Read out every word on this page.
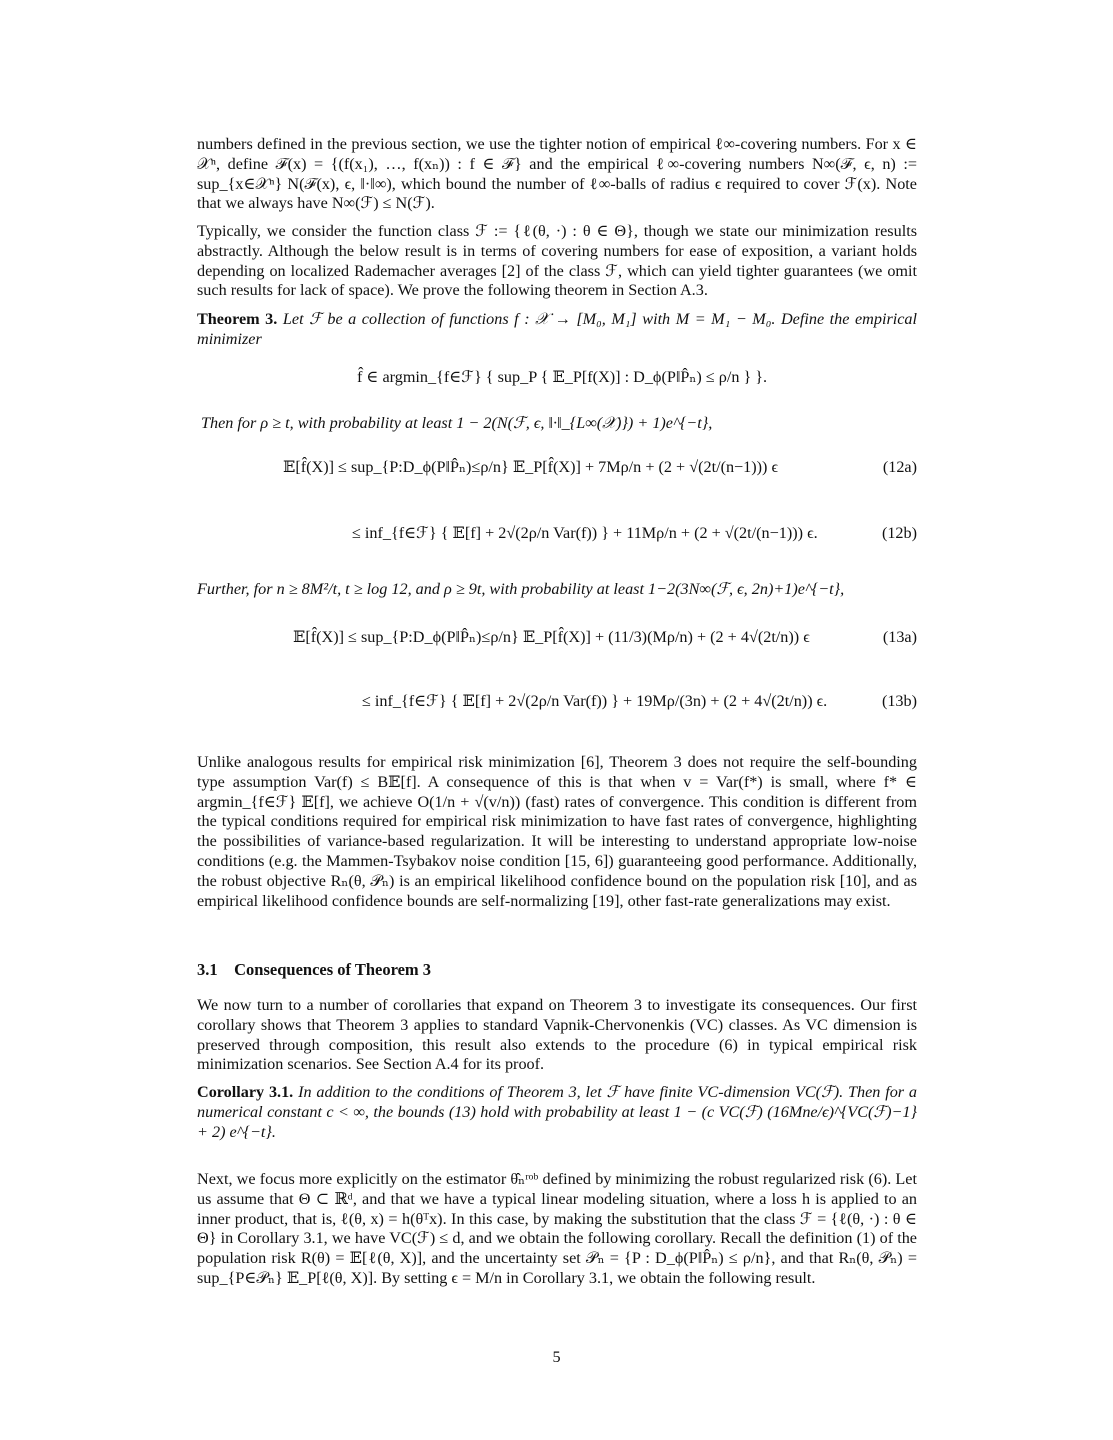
numbers defined in the previous section, we use the tighter notion of empirical ℓ∞-covering numbers. For x ∈ 𝒳ⁿ, define ℱ(x) = {(f(x₁), …, f(xₙ)) : f ∈ ℱ} and the empirical ℓ∞-covering numbers N∞(ℱ, ϵ, n) := sup_{x∈𝒳ⁿ} N(ℱ(x), ϵ, ‖·‖∞), which bound the number of ℓ∞-balls of radius ϵ required to cover ℱ(x). Note that we always have N∞(ℱ) ≤ N(ℱ).
Typically, we consider the function class ℱ := {ℓ(θ, ·) : θ ∈ Θ}, though we state our minimization results abstractly. Although the below result is in terms of covering numbers for ease of exposition, a variant holds depending on localized Rademacher averages [2] of the class ℱ, which can yield tighter guarantees (we omit such results for lack of space). We prove the following theorem in Section A.3.
Theorem 3. Let ℱ be a collection of functions f : 𝒳 → [M₀, M₁] with M = M₁ − M₀. Define the empirical minimizer
f̂ ∈ argmin_{f∈ℱ} { sup_P { 𝔼_P[f(X)] : D_ϕ(P‖P̂ₙ) ≤ ρ/n } }.
Then for ρ ≥ t, with probability at least 1 − 2(N(ℱ, ϵ, ‖·‖_{L∞(𝒳)}) + 1)e^{−t},
𝔼[f̂(X)] ≤ sup_{P:D_ϕ(P‖P̂ₙ)≤ρ/n} 𝔼_P[f̂(X)] + 7Mρ/n + (2 + √(2t/(n−1))) ϵ	(12a)
≤ inf_{f∈ℱ} { 𝔼[f] + 2√(2ρ/n Var(f)) } + 11Mρ/n + (2 + √(2t/(n−1))) ϵ.	(12b)
Further, for n ≥ 8M²/t, t ≥ log 12, and ρ ≥ 9t, with probability at least 1−2(3N∞(ℱ, ϵ, 2n)+1)e^{−t},
𝔼[f̂(X)] ≤ sup_{P:D_ϕ(P‖P̂ₙ)≤ρ/n} 𝔼_P[f̂(X)] + (11/3)(Mρ/n) + (2 + 4√(2t/n)) ϵ	(13a)
≤ inf_{f∈ℱ} { 𝔼[f] + 2√(2ρ/n Var(f)) } + 19Mρ/(3n) + (2 + 4√(2t/n)) ϵ.	(13b)
Unlike analogous results for empirical risk minimization [6], Theorem 3 does not require the self-bounding type assumption Var(f) ≤ B𝔼[f]. A consequence of this is that when v = Var(f*) is small, where f* ∈ argmin_{f∈ℱ} 𝔼[f], we achieve O(1/n + √(v/n)) (fast) rates of convergence. This condition is different from the typical conditions required for empirical risk minimization to have fast rates of convergence, highlighting the possibilities of variance-based regularization. It will be interesting to understand appropriate low-noise conditions (e.g. the Mammen-Tsybakov noise condition [15, 6]) guaranteeing good performance. Additionally, the robust objective Rₙ(θ, 𝒫ₙ) is an empirical likelihood confidence bound on the population risk [10], and as empirical likelihood confidence bounds are self-normalizing [19], other fast-rate generalizations may exist.
3.1    Consequences of Theorem 3
We now turn to a number of corollaries that expand on Theorem 3 to investigate its consequences. Our first corollary shows that Theorem 3 applies to standard Vapnik-Chervonenkis (VC) classes. As VC dimension is preserved through composition, this result also extends to the procedure (6) in typical empirical risk minimization scenarios. See Section A.4 for its proof.
Corollary 3.1. In addition to the conditions of Theorem 3, let ℱ have finite VC-dimension VC(ℱ). Then for a numerical constant c < ∞, the bounds (13) hold with probability at least 1 − (c VC(ℱ) (16Mne/ϵ)^{VC(ℱ)−1} + 2) e^{−t}.
Next, we focus more explicitly on the estimator θ̂ₙʳᵒᵇ defined by minimizing the robust regularized risk (6). Let us assume that Θ ⊂ ℝᵈ, and that we have a typical linear modeling situation, where a loss h is applied to an inner product, that is, ℓ(θ, x) = h(θᵀx). In this case, by making the substitution that the class ℱ = {ℓ(θ, ·) : θ ∈ Θ} in Corollary 3.1, we have VC(ℱ) ≤ d, and we obtain the following corollary. Recall the definition (1) of the population risk R(θ) = 𝔼[ℓ(θ, X)], and the uncertainty set 𝒫ₙ = {P : D_ϕ(P‖P̂ₙ) ≤ ρ/n}, and that Rₙ(θ, 𝒫ₙ) = sup_{P∈𝒫ₙ} 𝔼_P[ℓ(θ, X)]. By setting ϵ = M/n in Corollary 3.1, we obtain the following result.
5
